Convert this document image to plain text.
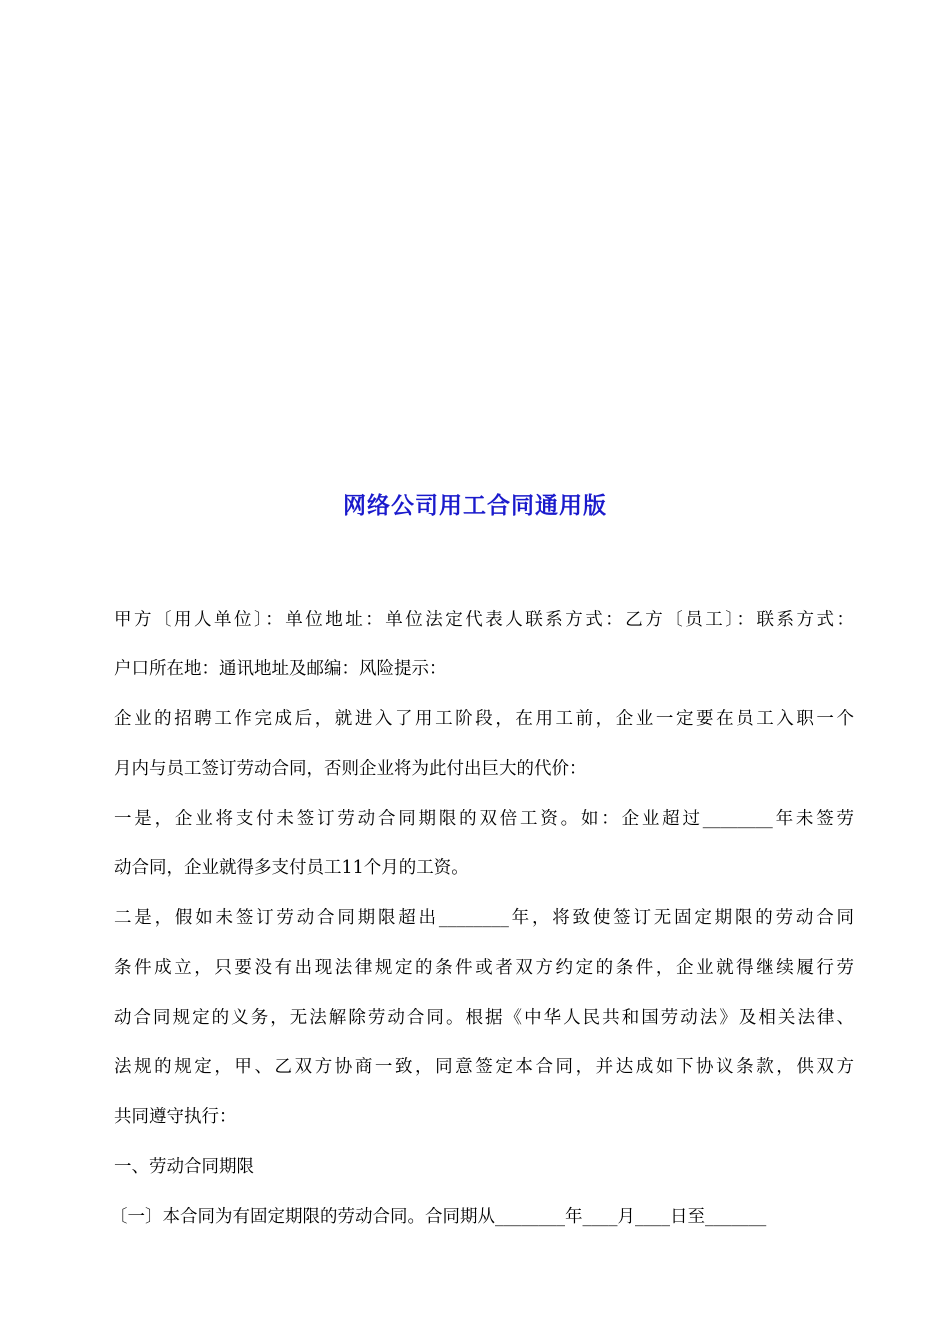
网络公司用工合同通用版
甲方〔用人单位〕：单位地址：单位法定代表人联系方式：乙方〔员工〕：联系方式：
户口所在地：通讯地址及邮编：风险提示：
企业的招聘工作完成后，就进入了用工阶段，在用工前，企业一定要在员工入职一个
月内与员工签订劳动合同，否则企业将为此付出巨大的代价：
一是，企业将支付未签订劳动合同期限的双倍工资。如：企业超过________年未签劳
动合同，企业就得多支付员工11个月的工资。
二是，假如未签订劳动合同期限超出________年，将致使签订无固定期限的劳动合同
条件成立，只要没有出现法律规定的条件或者双方约定的条件，企业就得继续履行劳
动合同规定的义务，无法解除劳动合同。根据《中华人民共和国劳动法》及相关法律、
法规的规定，甲、乙双方协商一致，同意签定本合同，并达成如下协议条款，供双方
共同遵守执行：
一、劳动合同期限
〔一〕本合同为有固定期限的劳动合同。合同期从________年____月____日至_______
